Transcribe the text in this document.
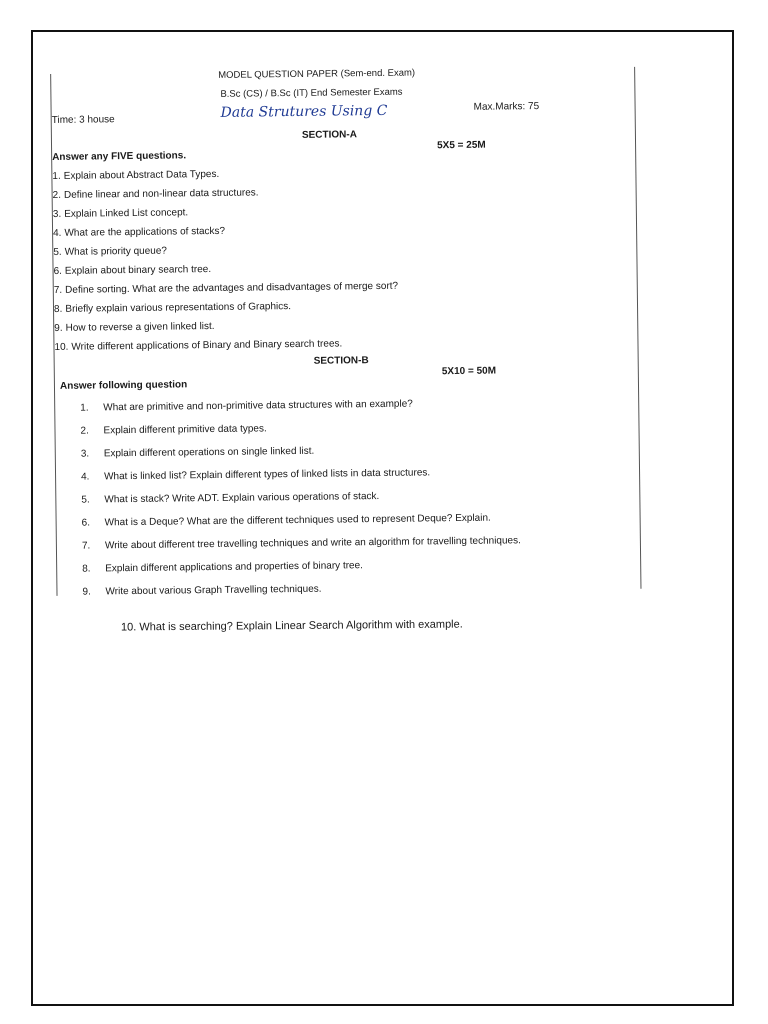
MODEL QUESTION PAPER (Sem-end. Exam)
B.Sc (CS) / B.Sc (IT) End Semester Exams
Time: 3 house	Data Strutures Using C	Max.Marks: 75
SECTION-A
Answer any FIVE questions.
5X5 = 25M
1. Explain about Abstract Data Types.
2. Define linear and non-linear data structures.
3. Explain Linked List concept.
4. What are the applications of stacks?
5. What is priority queue?
6. Explain about binary search tree.
7. Define sorting. What are the advantages and disadvantages of merge sort?
8. Briefly explain various representations of Graphics.
9. How to reverse a given linked list.
10. Write different applications of Binary and Binary search trees.
SECTION-B
Answer following question
5X10 = 50M
1. What are primitive and non-primitive data structures with an example?
2. Explain different primitive data types.
3. Explain different operations on single linked list.
4. What is linked list? Explain different types of linked lists in data structures.
5. What is stack? Write ADT. Explain various operations of stack.
6. What is a Deque? What are the different techniques used to represent Deque? Explain.
7. Write about different tree travelling techniques and write an algorithm for travelling techniques.
8. Explain different applications and properties of binary tree.
9. Write about various Graph Travelling techniques.
10. What is searching? Explain Linear Search Algorithm with example.
